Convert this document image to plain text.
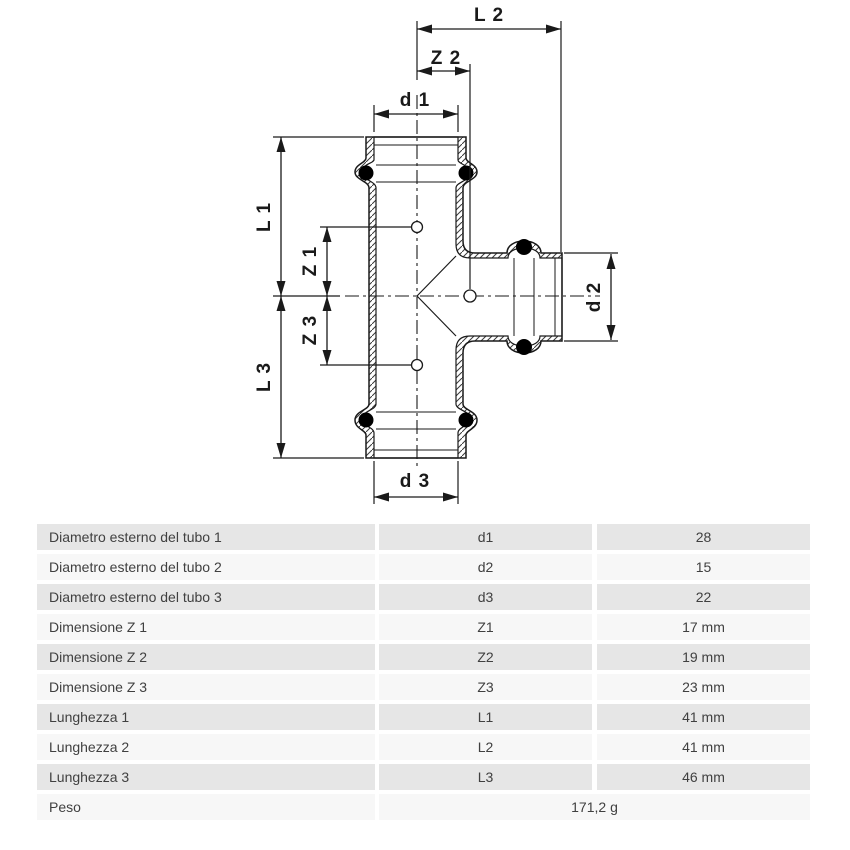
L 2
Z 2
d 1
d 3
L 1
Z 1
Z 3
L 3
d 2
Diametro esterno del tubo 1	d1	28
Diametro esterno del tubo 2	d2	15
Diametro esterno del tubo 3	d3	22
Dimensione Z 1	Z1	17 mm
Dimensione Z 2	Z2	19 mm
Dimensione Z 3	Z3	23 mm
Lunghezza 1	L1	41 mm
Lunghezza 2	L2	41 mm
Lunghezza 3	L3	46 mm
Peso	171,2 g
